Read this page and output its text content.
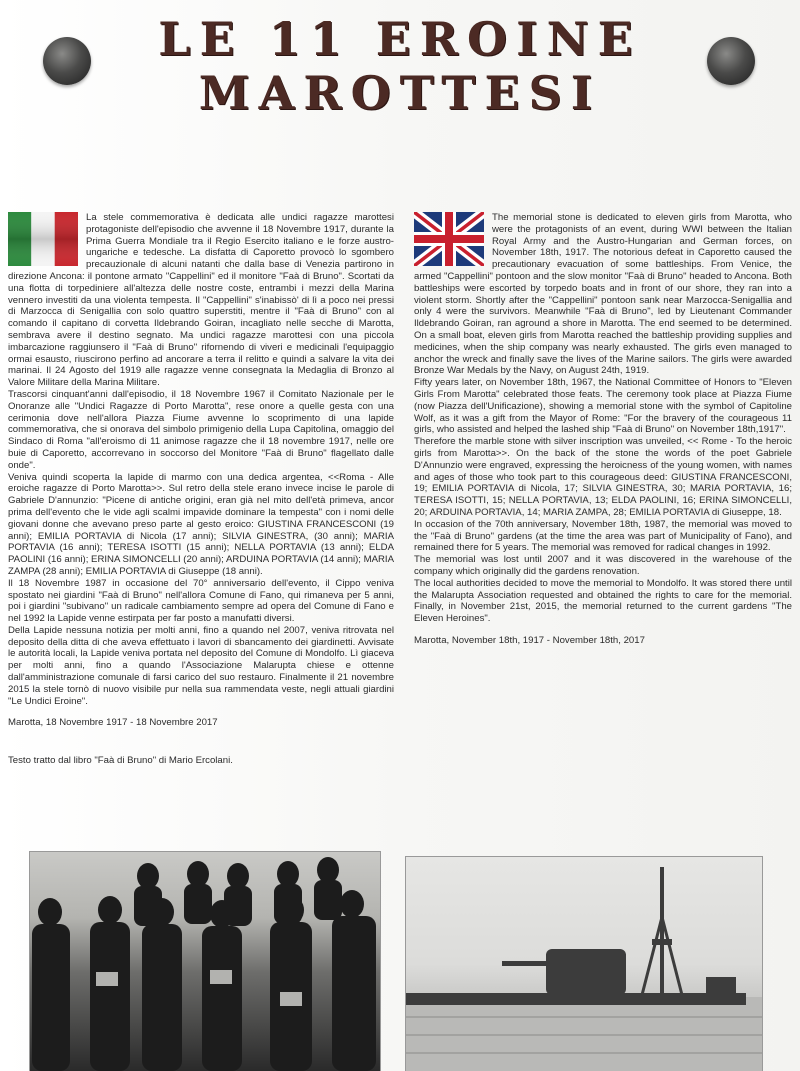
LE 11 EROINE
MAROTTESI

La stele commemorativa è dedicata alle undici ragazze marottesi protagoniste dell'episodio che avvenne il 18 Novembre 1917, durante la Prima Guerra Mondiale tra il Regio Esercito italiano e le forze austro-ungariche e tedesche. La disfatta di Caporetto provocò lo sgombero precauzionale di alcuni natanti che dalla base di Venezia partirono in direzione Ancona: il pontone armato "Cappellini" ed il monitore "Faà di Bruno". Scortati da una flotta di torpediniere all'altezza delle nostre coste, entrambi i mezzi della Marina vennero investiti da una violenta tempesta. Il "Cappellini" s'inabissò' di lì a poco nei pressi di Marzocca di Senigallia con solo quattro superstiti, mentre il "Faà di Bruno" con al comando il capitano di corvetta Ildebrando Goiran, incagliato nelle secche di Marotta, sembrava avere il destino segnato. Ma undici ragazze marottesi con una piccola imbarcazione raggiunsero il "Faà di Bruno" rifornendo di viveri e medicinali l'equipaggio ormai esausto, riuscirono perfino ad ancorare a terra il relitto e quindi a salvare la vita dei marinai. Il 24 Agosto del 1919 alle ragazze venne consegnata la Medaglia di Bronzo al Valore Militare della Marina Militare.

Trascorsi cinquant'anni dall'episodio, il 18 Novembre 1967 il Comitato Nazionale per le Onoranze alle "Undici Ragazze di Porto Marotta", rese onore a quelle gesta con una cerimonia dove nell'allora Piazza Fiume avvenne lo scoprimento di una lapide commemorativa, che si onorava del simbolo primigenio della Lupa Capitolina, omaggio del Sindaco di Roma "all'eroismo di 11 animose ragazze che il 18 novembre 1917, nelle ore buie di Caporetto, accorrevano in soccorso del Monitore "Faà di Bruno" flagellato dalle onde".

Veniva quindi scoperta la lapide di marmo con una dedica argentea, <<Roma - Alle eroiche ragazze di Porto Marotta>>. Sul retro della stele erano invece incise le parole di Gabriele D'annunzio: "Picene di antiche origini, eran già nel mito dell'età primeva, ancor prima dell'evento che le vide agli scalmi impavide dominare la tempesta" con i nomi delle giovani donne che avevano preso parte al gesto eroico: GIUSTINA FRANCESCONI (19 anni); EMILIA PORTAVIA di Nicola (17 anni); SILVIA GINESTRA, (30 anni); MARIA PORTAVIA (16 anni); TERESA ISOTTI (15 anni); NELLA PORTAVIA (13 anni); ELDA PAOLINI (16 anni); ERINA SIMONCELLI (20 anni); ARDUINA PORTAVIA (14 anni); MARIA ZAMPA (28 anni); EMILIA PORTAVIA di Giuseppe (18 anni).

Il 18 Novembre 1987 in occasione del 70° anniversario dell'evento, il Cippo veniva spostato nei giardini "Faà di Bruno" nell'allora Comune di Fano, qui rimaneva per 5 anni, poi i giardini "subivano" un radicale cambiamento sempre ad opera del Comune di Fano e nel 1992 la Lapide venne estirpata per far posto a manufatti diversi.

Della Lapide nessuna notizia per molti anni, fino a quando nel 2007, veniva ritrovata nel deposito della ditta di che aveva effettuato i lavori di sbancamento dei giardinetti. Avvisate le autorità locali, la Lapide veniva portata nel deposito del Comune di Mondolfo. Lì giaceva per molti anni, fino a quando l'Associazione Malarupta chiese e ottenne dall'amministrazione comunale di farsi carico del suo restauro. Finalmente il 21 novembre 2015 la stele tornò di nuovo visibile pur nella sua rammendata veste, negli attuali giardini "Le Undici Eroine".

Marotta, 18 Novembre 1917 - 18 Novembre 2017

Testo tratto dal libro "Faà di Bruno" di Mario Ercolani.

The memorial stone is dedicated to eleven girls from Marotta, who were the protagonists of an event, during WWI between the Italian Royal Army and the Austro-Hungarian and German forces, on November 18th, 1917. The notorious defeat in Caporetto caused the precautionary evacuation of some battleships. From Venice, the armed "Cappellini" pontoon and the slow monitor "Faà di Bruno" headed to Ancona. Both battleships were escorted by torpedo boats and in front of our shore, they ran into a violent storm. Shortly after the "Cappellini" pontoon sank near Marzocca-Senigallia and only 4 were the survivors. Meanwhile "Faà di Bruno", led by Lieutenant Commander Ildebrando Goiran, ran aground a shore in Marotta. The end seemed to be determined. On a small boat, eleven girls from Marotta reached the battleship providing supplies and medicines, when the ship company was nearly exhausted. The girls even managed to anchor the wreck and finally save the lives of the Marine sailors. The girls were awarded Bronze War Medals by the Navy, on August 24th, 1919.

Fifty years later, on November 18th, 1967, the National Committee of Honors to "Eleven Girls From Marotta" celebrated those feats. The ceremony took place at Piazza Fiume (now Piazza dell'Unificazione), showing a memorial stone with the symbol of Capitoline Wolf, as it was a gift from the Mayor of Rome: "For the bravery of the courageous 11 girls, who assisted and helped the lashed ship "Faà di Bruno" on November 18th,1917".

Therefore the marble stone with silver inscription was unveiled, << Rome - To the heroic girls from Marotta>>. On the back of the stone the words of the poet Gabriele D'Annunzio were engraved, expressing the heroicness of the young women, with names and ages of those who took part to this courageous deed: GIUSTINA FRANCESCONI, 19; EMILIA PORTAVIA di Nicola, 17; SILVIA GINESTRA, 30; MARIA PORTAVIA, 16; TERESA ISOTTI, 15; NELLA PORTAVIA, 13; ELDA PAOLINI, 16; ERINA SIMONCELLI, 20; ARDUINA PORTAVIA, 14; MARIA ZAMPA, 28; EMILIA PORTAVIA di Giuseppe, 18.

In occasion of the 70th anniversary, November 18th, 1987, the memorial was moved to the "Faà di Bruno" gardens (at the time the area was part of Municipality of Fano), and remained there for 5 years. The memorial was removed for radical changes in 1992.

The memorial was lost until 2007 and it was discovered in the warehouse of the company which originally did the gardens renovation.

The local authorities decided to move the memorial to Mondolfo. It was stored there until the Malarupta Association requested and obtained the rights to care for the memorial. Finally, in November 21st, 2015, the memorial returned to the current gardens "The Eleven Heroines".

Marotta, November 18th, 1917 - November 18th, 2017
